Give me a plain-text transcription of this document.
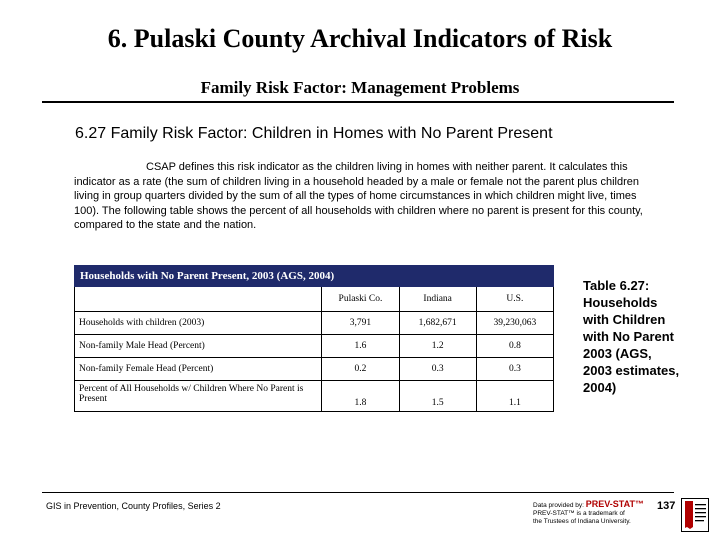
6. Pulaski County Archival Indicators of Risk
Family Risk Factor: Management Problems
6.27 Family Risk Factor: Children in Homes with No Parent Present
CSAP defines this risk indicator as the children living in homes with neither parent. It calculates this indicator as a rate (the sum of children living in a household headed by a male or female not the parent plus children living in group quarters divided by the sum of all the types of home circumstances in which children might live, times 100). The following table shows the percent of all households with children where no parent is present for this county, compared to the state and the nation.
Households with No Parent Present, 2003 (AGS, 2004)			
	Pulaski Co.	Indiana	U.S.
Households with children (2003)	3,791	1,682,671	39,230,063
Non-family Male Head (Percent)	1.6	1.2	0.8
Non-family Female Head (Percent)	0.2	0.3	0.3
Percent of All Households w/ Children Where No Parent is Present	1.8	1.5	1.1
Table 6.27: Households with Children with No Parent 2003 (AGS, 2003 estimates, 2004)
GIS in Prevention, County Profiles, Series 2	Data provided by: PREV-STAT™
PREV-STAT™ is a trademark of
the Trustees of Indiana University.
137
